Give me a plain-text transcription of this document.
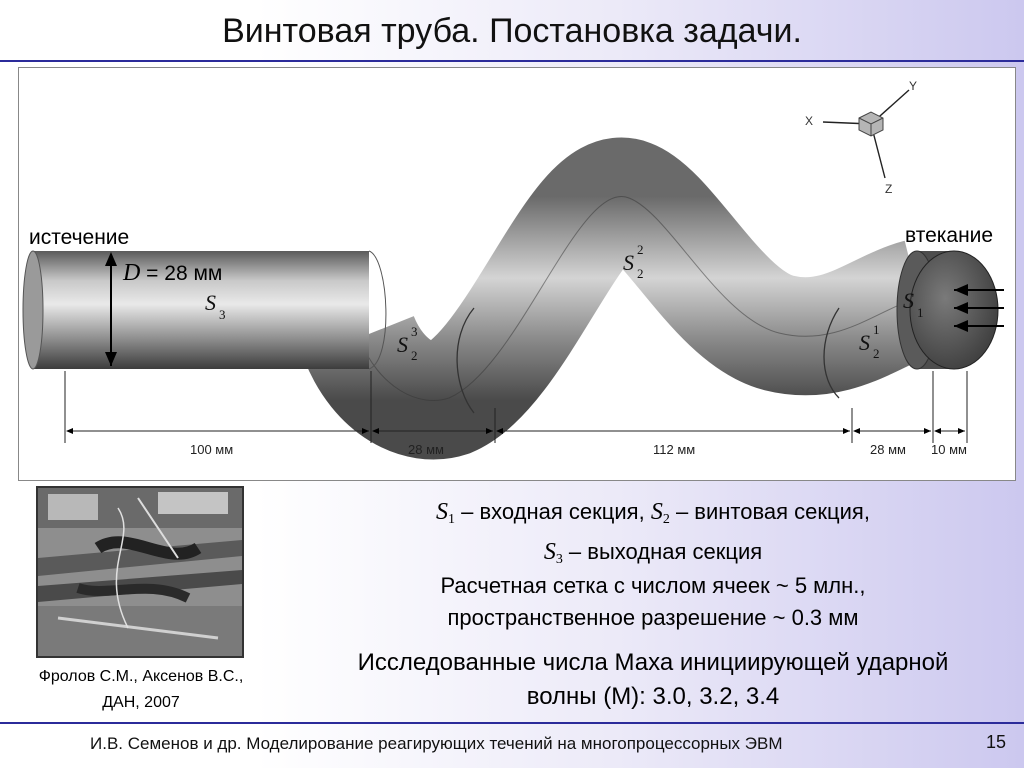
Винтовая труба. Постановка задачи.
100 мм	28 мм	112 мм	28 мм 10 мм
S 3
S
3
2
S
2
2
S
1
2
S 1
X
Y
Z
истечение	втекание
D = 28 мм
Фролов С.М., Аксенов В.С.,
ДАН, 2007
$S_1$ – входная секция, $S_2$ – винтовая секция,
$S_3$ – выходная секция
Расчетная сетка с числом ячеек ~ 5 млн.,
пространственное разрешение ~ 0.3 мм
Исследованные числа Маха инициирующей ударной
волны (М): 3.0, 3.2, 3.4
И.В. Семенов и др. Моделирование реагирующих течений на многопроцессорных ЭВМ	15
